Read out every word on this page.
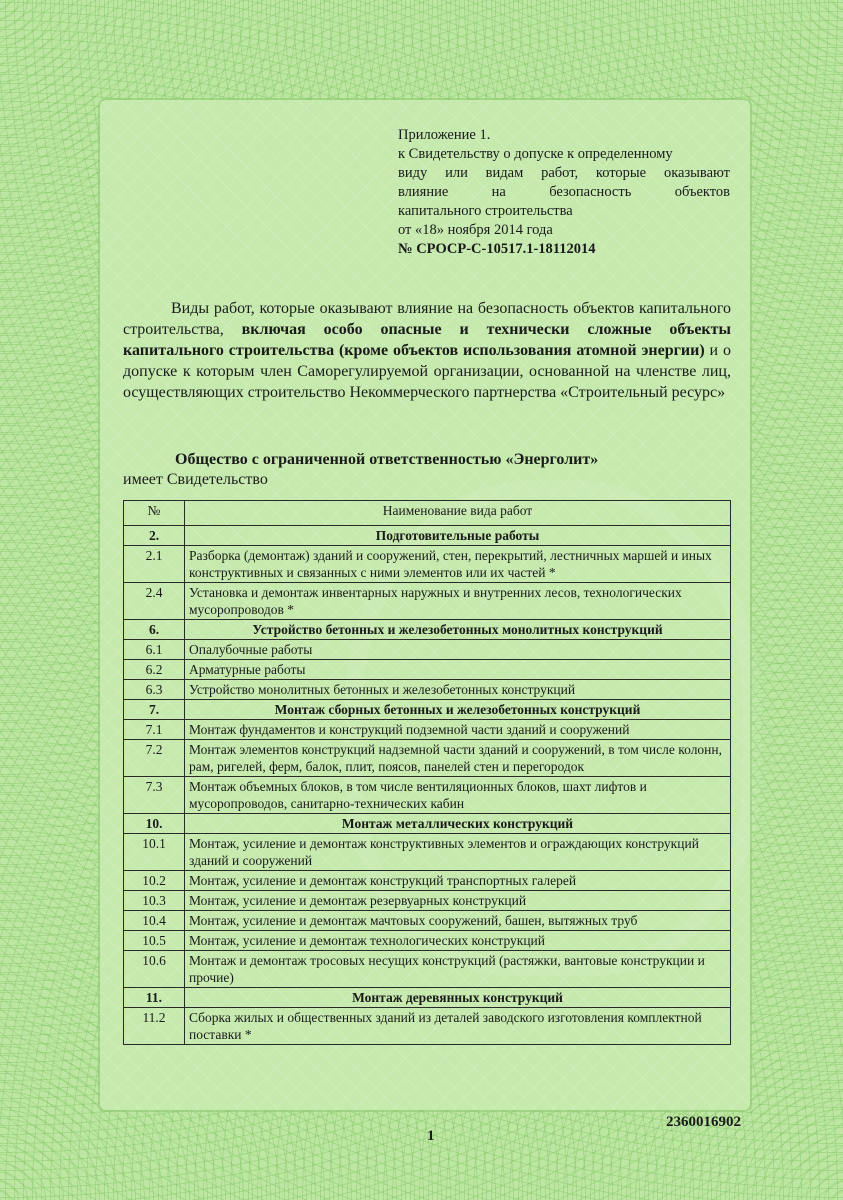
Приложение 1.
к Свидетельству о допуске к определенному
виду или видам работ, которые оказывают
влияние на безопасность объектов
капитального строительства
от «18» ноября 2014 года
№ СРОСР-С-10517.1-18112014
Виды работ, которые оказывают влияние на безопасность объектов капитального строительства, включая особо опасные и технически сложные объекты капитального строительства (кроме объектов использования атомной энергии) и о допуске к которым член Саморегулируемой организации, основанной на членстве лиц, осуществляющих строительство Некоммерческого партнерства «Строительный ресурс»
Общество с ограниченной ответственностью «Энерголит»
имеет Свидетельство
№	Наименование вида работ
2.	Подготовительные работы
2.1	Разборка (демонтаж) зданий и сооружений, стен, перекрытий, лестничных маршей и иных конструктивных и связанных с ними элементов или их частей *
2.4	Установка и демонтаж инвентарных наружных и внутренних лесов, технологических мусоропроводов *
6.	Устройство бетонных и железобетонных монолитных конструкций
6.1	Опалубочные работы
6.2	Арматурные работы
6.3	Устройство монолитных бетонных и железобетонных конструкций
7.	Монтаж сборных бетонных и железобетонных конструкций
7.1	Монтаж фундаментов и конструкций подземной части зданий и сооружений
7.2	Монтаж элементов конструкций надземной части зданий и сооружений, в том числе колонн, рам, ригелей, ферм, балок, плит, поясов, панелей стен и перегородок
7.3	Монтаж объемных блоков, в том числе вентиляционных блоков, шахт лифтов и мусоропроводов, санитарно-технических кабин
10.	Монтаж металлических конструкций
10.1	Монтаж, усиление и демонтаж конструктивных элементов и ограждающих конструкций зданий и сооружений
10.2	Монтаж, усиление и демонтаж конструкций транспортных галерей
10.3	Монтаж, усиление и демонтаж резервуарных конструкций
10.4	Монтаж, усиление и демонтаж мачтовых сооружений, башен, вытяжных труб
10.5	Монтаж, усиление и демонтаж технологических конструкций
10.6	Монтаж и демонтаж тросовых несущих конструкций (растяжки, вантовые конструкции и прочие)
11.	Монтаж деревянных конструкций
11.2	Сборка жилых и общественных зданий из деталей заводского изготовления комплектной поставки *
2360016902
1
